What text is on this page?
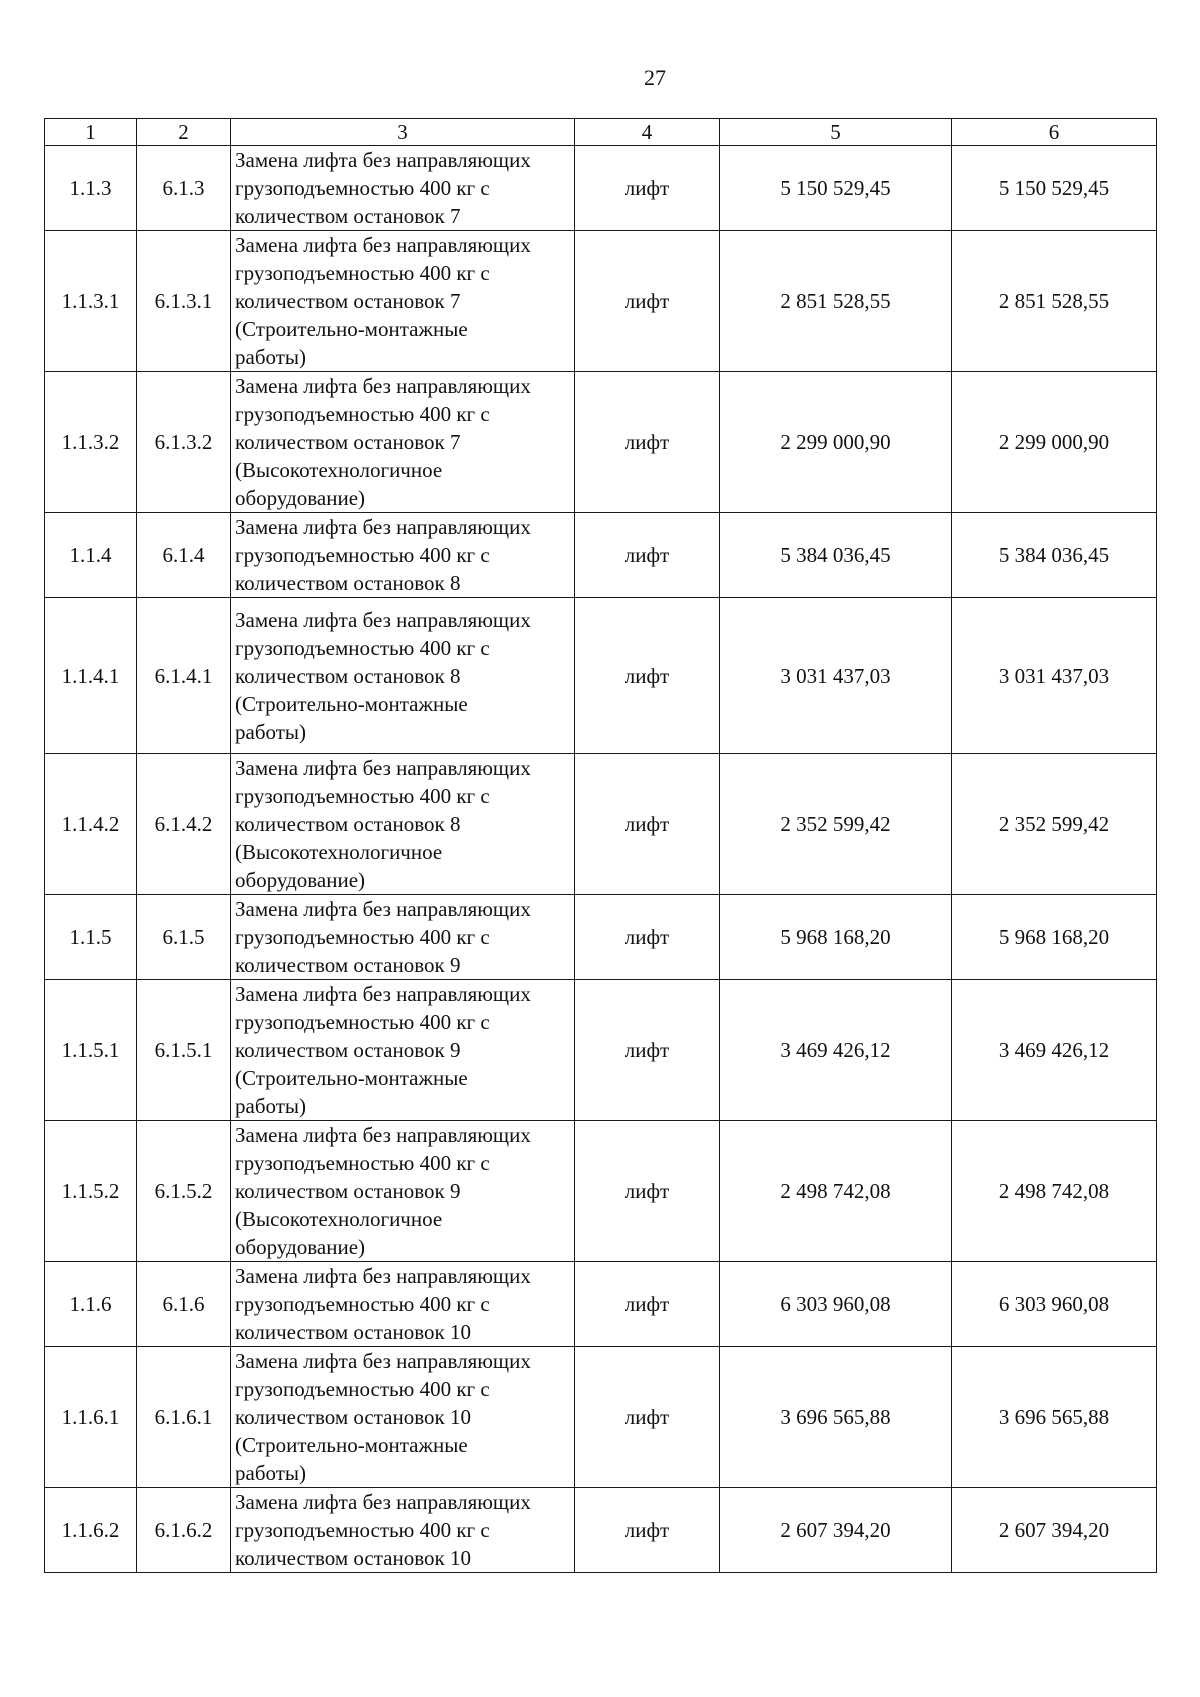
27
1	2	3	4	5	6
1.1.3	6.1.3	Замена лифта без направляющих
грузоподъемностью 400 кг с
количеством остановок 7	лифт	5 150 529,45	5 150 529,45
1.1.3.1	6.1.3.1	Замена лифта без направляющих
грузоподъемностью 400 кг с
количеством остановок 7
(Строительно-монтажные
работы)	лифт	2 851 528,55	2 851 528,55
1.1.3.2	6.1.3.2	Замена лифта без направляющих
грузоподъемностью 400 кг с
количеством остановок 7
(Высокотехнологичное
оборудование)	лифт	2 299 000,90	2 299 000,90
1.1.4	6.1.4	Замена лифта без направляющих
грузоподъемностью 400 кг с
количеством остановок 8	лифт	5 384 036,45	5 384 036,45
1.1.4.1	6.1.4.1	Замена лифта без направляющих
грузоподъемностью 400 кг с
количеством остановок 8
(Строительно-монтажные
работы)	лифт	3 031 437,03	3 031 437,03
1.1.4.2	6.1.4.2	Замена лифта без направляющих
грузоподъемностью 400 кг с
количеством остановок 8
(Высокотехнологичное
оборудование)	лифт	2 352 599,42	2 352 599,42
1.1.5	6.1.5	Замена лифта без направляющих
грузоподъемностью 400 кг с
количеством остановок 9	лифт	5 968 168,20	5 968 168,20
1.1.5.1	6.1.5.1	Замена лифта без направляющих
грузоподъемностью 400 кг с
количеством остановок 9
(Строительно-монтажные
работы)	лифт	3 469 426,12	3 469 426,12
1.1.5.2	6.1.5.2	Замена лифта без направляющих
грузоподъемностью 400 кг с
количеством остановок 9
(Высокотехнологичное
оборудование)	лифт	2 498 742,08	2 498 742,08
1.1.6	6.1.6	Замена лифта без направляющих
грузоподъемностью 400 кг с
количеством остановок 10	лифт	6 303 960,08	6 303 960,08
1.1.6.1	6.1.6.1	Замена лифта без направляющих
грузоподъемностью 400 кг с
количеством остановок 10
(Строительно-монтажные
работы)	лифт	3 696 565,88	3 696 565,88
1.1.6.2	6.1.6.2	Замена лифта без направляющих
грузоподъемностью 400 кг с
количеством остановок 10	лифт	2 607 394,20	2 607 394,20
